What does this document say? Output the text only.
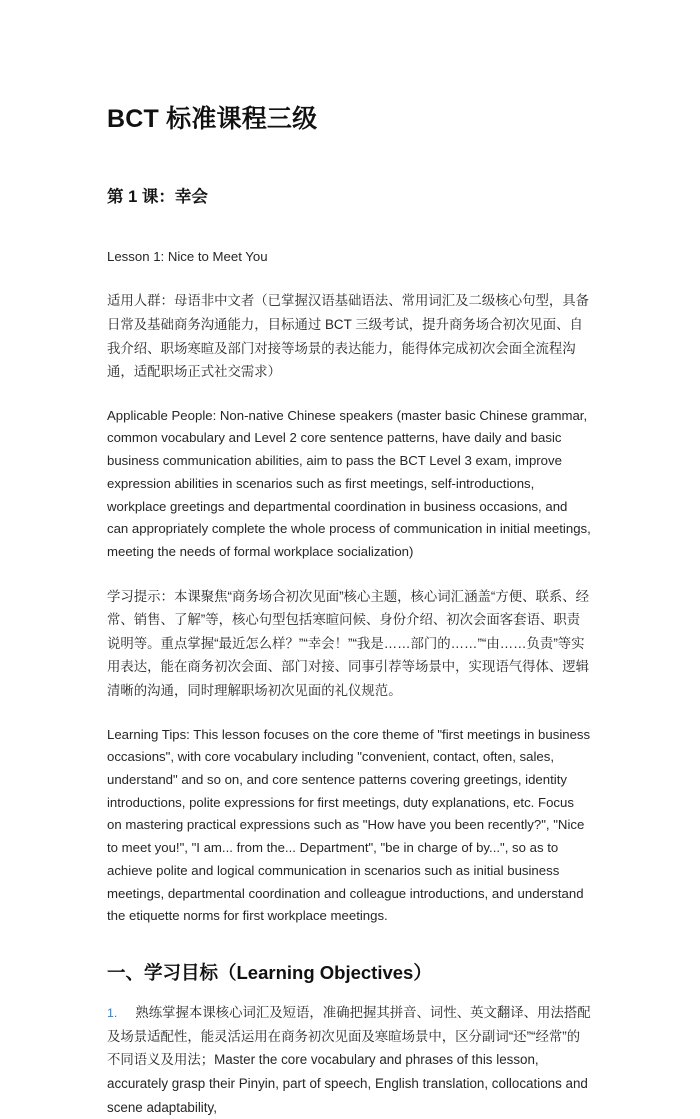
BCT 标准课程三级
第 1 课：幸会

Lesson 1: Nice to Meet You

适用人群：母语非中文者（已掌握汉语基础语法、常用词汇及二级核心句型，具备日常及基础商务沟通能力，目标通过 BCT 三级考试，提升商务场合初次见面、自我介绍、职场寒暄及部门对接等场景的表达能力，能得体完成初次会面全流程沟通，适配职场正式社交需求）

Applicable People: Non-native Chinese speakers (master basic Chinese grammar, common vocabulary and Level 2 core sentence patterns, have daily and basic business communication abilities, aim to pass the BCT Level 3 exam, improve expression abilities in scenarios such as first meetings, self-introductions, workplace greetings and departmental coordination in business occasions, and can appropriately complete the whole process of communication in initial meetings, meeting the needs of formal workplace socialization)

学习提示：本课聚焦“商务场合初次见面”核心主题，核心词汇涵盖“方便、联系、经常、销售、了解”等，核心句型包括寒暄问候、身份介绍、初次会面客套语、职责说明等。重点掌握“最近怎么样？”“幸会！”“我是……部门的……”“由……负责”等实用表达，能在商务初次会面、部门对接、同事引荐等场景中，实现语气得体、逻辑清晰的沟通，同时理解职场初次见面的礼仪规范。

Learning Tips: This lesson focuses on the core theme of "first meetings in business occasions", with core vocabulary including "convenient, contact, often, sales, understand" and so on, and core sentence patterns covering greetings, identity introductions, polite expressions for first meetings, duty explanations, etc. Focus on mastering practical expressions such as "How have you been recently?", "Nice to meet you!", "I am... from the... Department", "be in charge of by...", so as to achieve polite and logical communication in scenarios such as initial business meetings, departmental coordination and colleague introductions, and understand the etiquette norms for first workplace meetings.

一、学习目标（Learning Objectives）
1. 熟练掌握本课核心词汇及短语，准确把握其拼音、词性、英文翻译、用法搭配及场景适配性，能灵活运用在商务初次见面及寒暄场景中，区分副词“还”“经常”的不同语义及用法；Master the core vocabulary and phrases of this lesson, accurately grasp their Pinyin, part of speech, English translation, collocations and scene adaptability,
